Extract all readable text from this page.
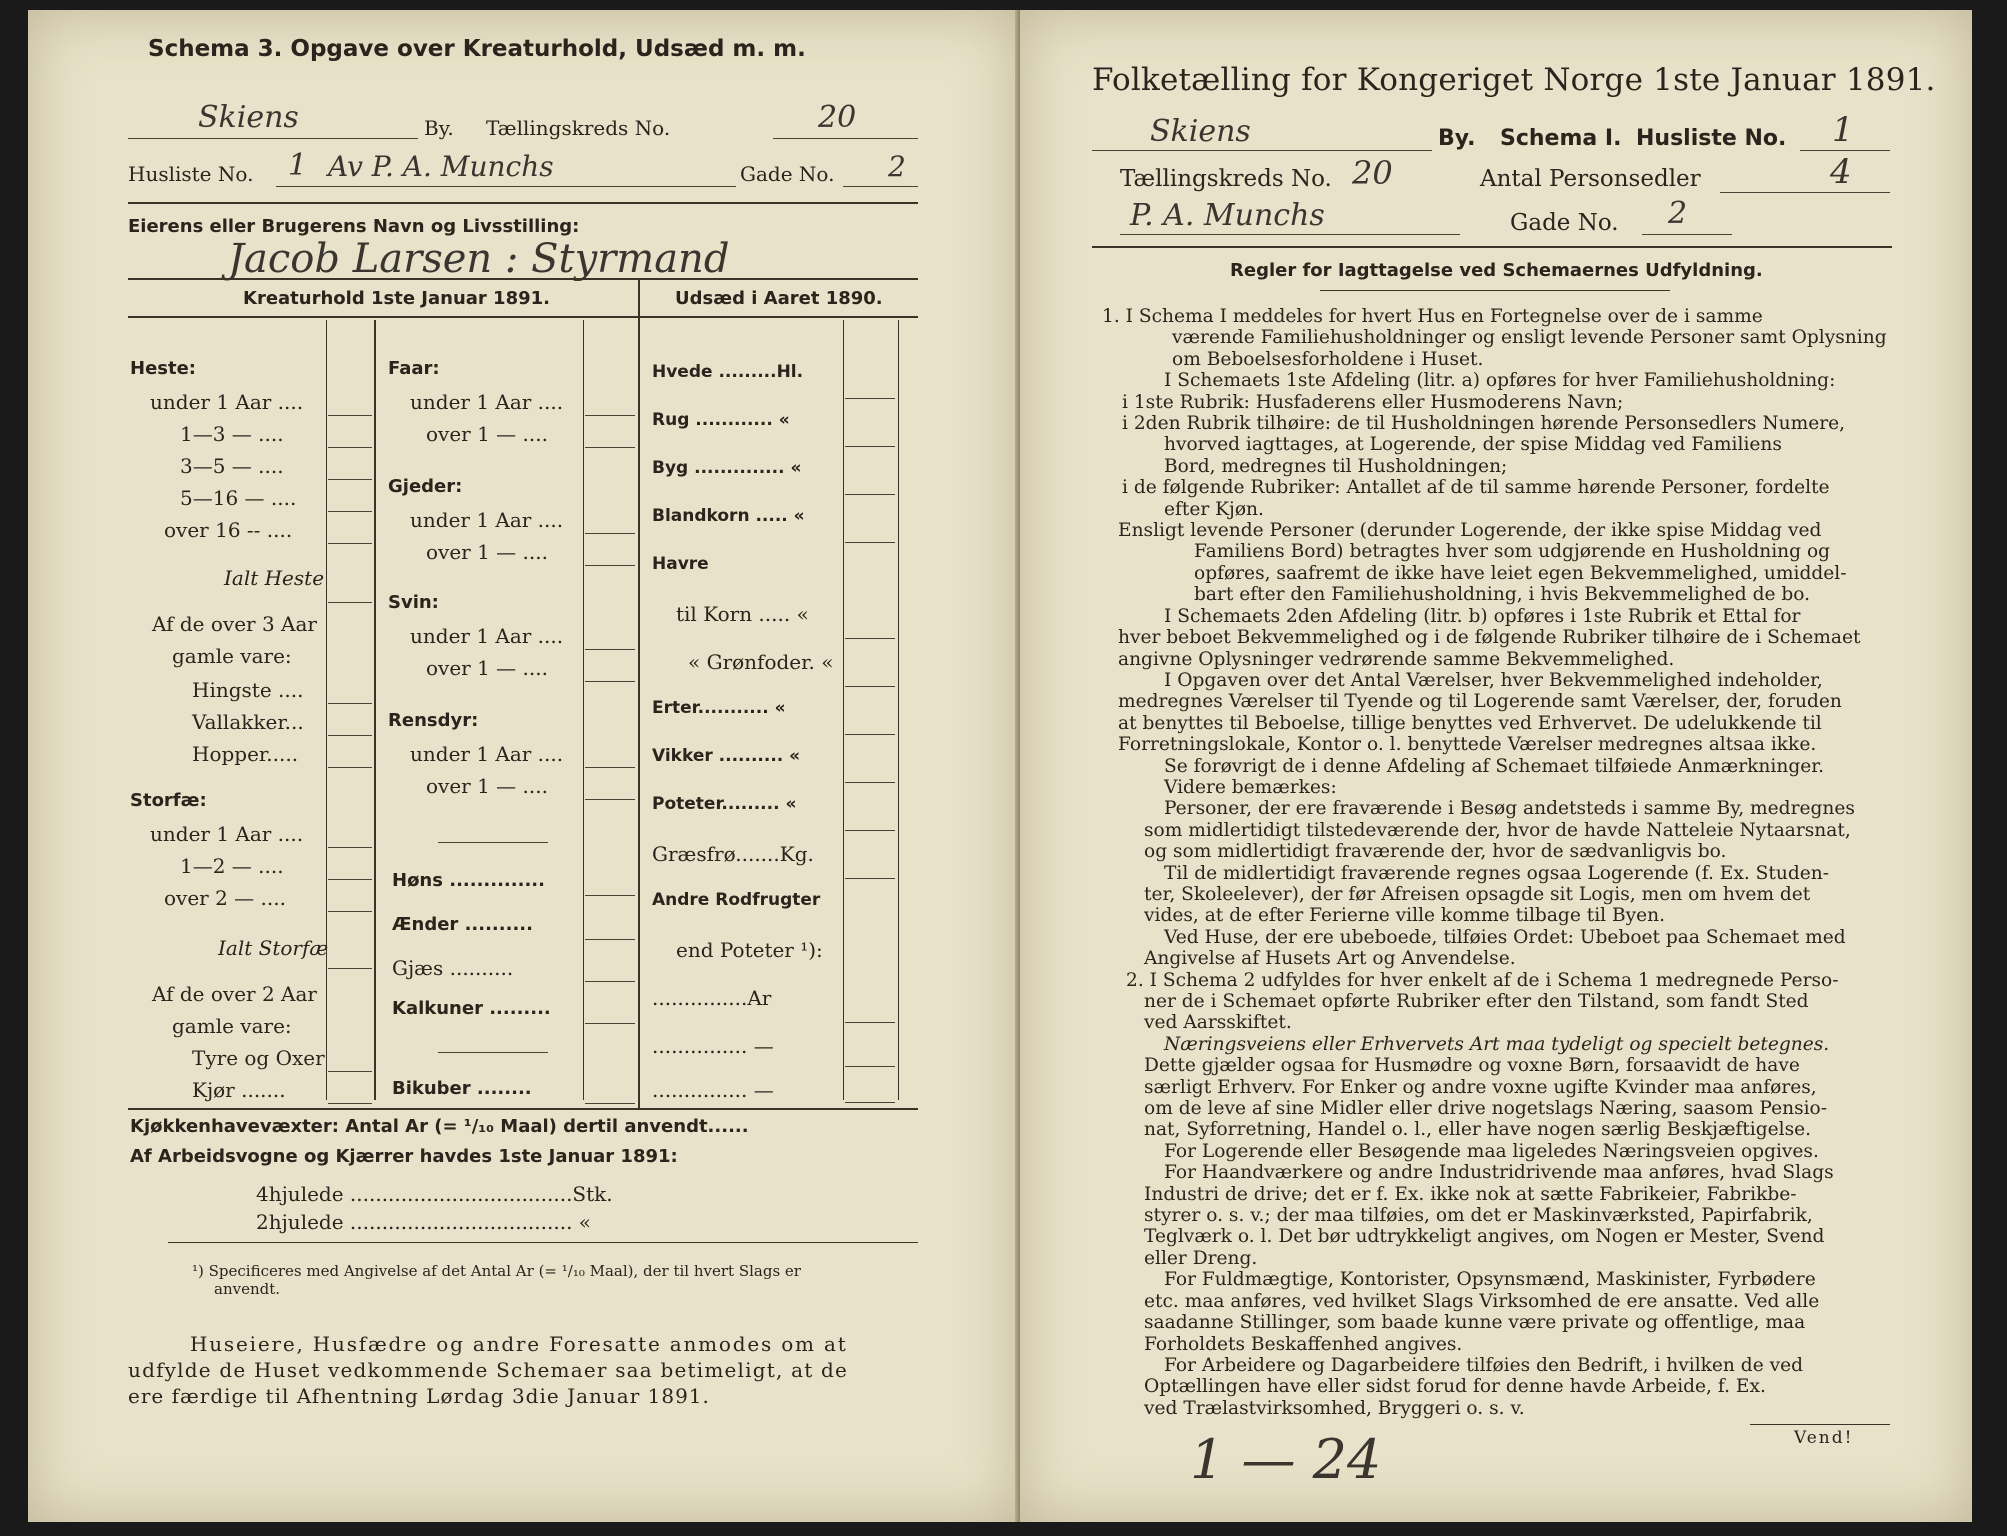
Schema 3. Opgave over Kreaturhold, Udsæd m. m.
Skiens	By. Tællingskreds No.	20
Husliste No. 1 Av P. A. Munchs	Gade No. 2
Eierens eller Brugerens Navn og Livsstilling:
Jacob Larsen : Styrmand
Kreaturhold 1ste Januar 1891.	Udsæd i Aaret 1890.
Heste:
under 1 Aar ....
1—3 — ....
3—5 — ....
5—16 — ....
over 16 -- ....
Ialt Heste
Af de over 3 Aar
gamle vare:
Hingste ....
Vallakker...
Hopper.....
Storfæ:
under 1 Aar ....
1—2 — ....
over 2 — ....
Ialt Storfæ
Af de over 2 Aar
gamle vare:
Tyre og Oxer
Kjør .......
Faar:
under 1 Aar ....
over 1 — ....
Gjeder:
under 1 Aar ....
over 1 — ....
Svin:
under 1 Aar ....
over 1 — ....
Rensdyr:
under 1 Aar ....
over 1 — ....
Høns ..............
Ænder ..........
Gjæs ..........
Kalkuner .........
Bikuber ........
Hvede .........Hl.
Rug ............ «
Byg .............. «
Blandkorn ..... «
Havre
til Korn ..... «
« Grønfoder. «
Erter........... «
Vikker .......... «
Poteter......... «
Græsfrø.......Kg.
Andre Rodfrugter
end Poteter ¹):
...............Ar
............... —
............... —
Kjøkkenhavevæxter: Antal Ar (= ¹/₁₀ Maal) dertil anvendt......
Af Arbeidsvogne og Kjærrer havdes 1ste Januar 1891:
4hjulede ...................................Stk.
2hjulede ................................... «
¹) Specificeres med Angivelse af det Antal Ar (= ¹/₁₀ Maal), der til hvert Slags er
anvendt.
Huseiere, Husfædre og andre Foresatte anmodes om at
udfylde de Huset vedkommende Schemaer saa betimeligt, at de
ere færdige til Afhentning Lørdag 3die Januar 1891.
Folketælling for Kongeriget Norge 1ste Januar 1891.
Skiens	By. Schema I. Husliste No. 1
Tællingskreds No. 20	Antal Personsedler	4
P. A. Munchs	Gade No. 2
Regler for Iagttagelse ved Schemaernes Udfyldning.

1. I Schema I meddeles for hvert Hus en Fortegnelse over de i samme

værende Familiehusholdninger og ensligt levende Personer samt Oplysning

om Beboelsesforholdene i Huset.

I Schemaets 1ste Afdeling (litr. a) opføres for hver Familiehusholdning:

i 1ste Rubrik: Husfaderens eller Husmoderens Navn;

i 2den Rubrik tilhøire: de til Husholdningen hørende Personsedlers Numere,

hvorved iagttages, at Logerende, der spise Middag ved Familiens

Bord, medregnes til Husholdningen;

i de følgende Rubriker: Antallet af de til samme hørende Personer, fordelte

efter Kjøn.

Ensligt levende Personer (derunder Logerende, der ikke spise Middag ved

Familiens Bord) betragtes hver som udgjørende en Husholdning og

opføres, saafremt de ikke have leiet egen Bekvemmelighed, umiddel-

bart efter den Familiehusholdning, i hvis Bekvemmelighed de bo.

I Schemaets 2den Afdeling (litr. b) opføres i 1ste Rubrik et Ettal for

hver beboet Bekvemmelighed og i de følgende Rubriker tilhøire de i Schemaet

angivne Oplysninger vedrørende samme Bekvemmelighed.

I Opgaven over det Antal Værelser, hver Bekvemmelighed indeholder,

medregnes Værelser til Tyende og til Logerende samt Værelser, der, foruden

at benyttes til Beboelse, tillige benyttes ved Erhvervet. De udelukkende til

Forretningslokale, Kontor o. l. benyttede Værelser medregnes altsaa ikke.

Se forøvrigt de i denne Afdeling af Schemaet tilføiede Anmærkninger.

Videre bemærkes:

Personer, der ere fraværende i Besøg andetsteds i samme By, medregnes

som midlertidigt tilstedeværende der, hvor de havde Natteleie Nytaarsnat,

og som midlertidigt fraværende der, hvor de sædvanligvis bo.

Til de midlertidigt fraværende regnes ogsaa Logerende (f. Ex. Studen-

ter, Skoleelever), der før Afreisen opsagde sit Logis, men om hvem det

vides, at de efter Ferierne ville komme tilbage til Byen.

Ved Huse, der ere ubeboede, tilføies Ordet: Ubeboet paa Schemaet med

Angivelse af Husets Art og Anvendelse.

2. I Schema 2 udfyldes for hver enkelt af de i Schema 1 medregnede Perso-

ner de i Schemaet opførte Rubriker efter den Tilstand, som fandt Sted

ved Aarsskiftet.

Næringsveiens eller Erhvervets Art maa tydeligt og specielt betegnes.

Dette gjælder ogsaa for Husmødre og voxne Børn, forsaavidt de have

særligt Erhverv. For Enker og andre voxne ugifte Kvinder maa anføres,

om de leve af sine Midler eller drive nogetslags Næring, saasom Pensio-

nat, Syforretning, Handel o. l., eller have nogen særlig Beskjæftigelse.

For Logerende eller Besøgende maa ligeledes Næringsveien opgives.

For Haandværkere og andre Industridrivende maa anføres, hvad Slags

Industri de drive; det er f. Ex. ikke nok at sætte Fabrikeier, Fabrikbe-

styrer o. s. v.; der maa tilføies, om det er Maskinværksted, Papirfabrik,

Teglværk o. l. Det bør udtrykkeligt angives, om Nogen er Mester, Svend

eller Dreng.

For Fuldmægtige, Kontorister, Opsynsmænd, Maskinister, Fyrbødere

etc. maa anføres, ved hvilket Slags Virksomhed de ere ansatte. Ved alle

saadanne Stillinger, som baade kunne være private og offentlige, maa

Forholdets Beskaffenhed angives.

For Arbeidere og Dagarbeidere tilføies den Bedrift, i hvilken de ved

Optællingen have eller sidst forud for denne havde Arbeide, f. Ex.

ved Trælastvirksomhed, Bryggeri o. s. v.

Vend!
1 — 24
